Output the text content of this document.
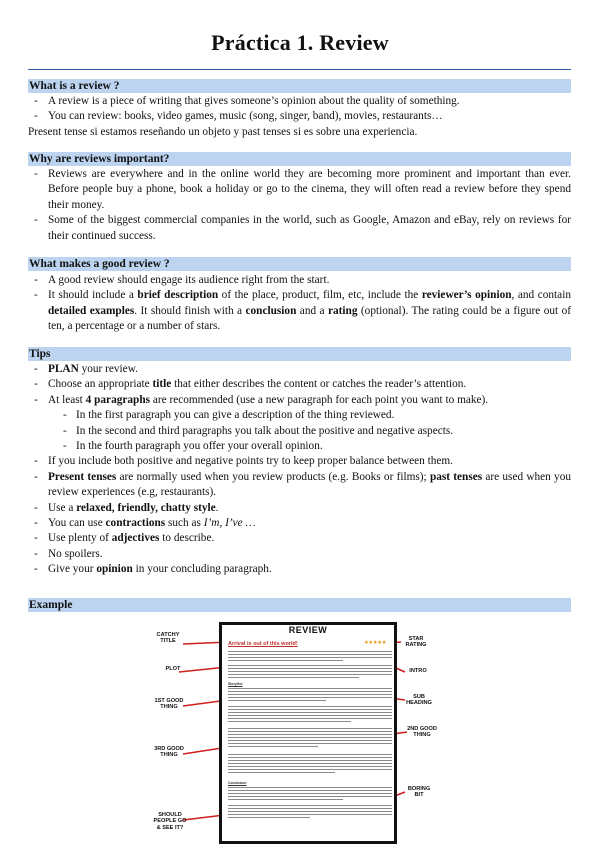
Práctica 1. Review
What is a review ?
- A review is a piece of writing that gives someone’s opinion about the quality of something.
- You can review: books, video games, music (song, singer, band), movies, restaurants…
Present tense si estamos reseñando un objeto y past tenses si es sobre una experiencia.
Why are reviews important?
- Reviews are everywhere and in the online world they are becoming more prominent and important than ever. Before people buy a phone, book a holiday or go to the cinema, they will often read a review before they spend their money.
- Some of the biggest commercial companies in the world, such as Google, Amazon and eBay, rely on reviews for their continued success.
What makes a good review ?
- A good review should engage its audience right from the start.
- It should include a brief description of the place, product, film, etc, include the reviewer’s opinion, and contain detailed examples. It should finish with a conclusion and a rating (optional). The rating could be a figure out of ten, a percentage or a number of stars.
Tips
- PLAN your review.
- Choose an appropriate title that either describes the content or catches the reader’s attention.
- At least 4 paragraphs are recommended (use a new paragraph for each point you want to make).
- In the first paragraph you can give a description of the thing reviewed.
- In the second and third paragraphs you talk about the positive and negative aspects.
- In the fourth paragraph you offer your overall opinion.
- If you include both positive and negative points try to keep proper balance between them.
- Present tenses are normally used when you review products (e.g. Books or films); past tenses are used when you review experiences (e.g, restaurants).
- Use a relaxed, friendly, chatty style.
- You can use contractions such as I’m, I’ve …
- Use plenty of adjectives to describe.
- No spoilers.
- Give your opinion in your concluding paragraph.
Example
REVIEW
Arrival is out of this world!	★★★★★
Storyline
Conclusion
CATCHY
TITLE
PLOT
1ST GOOD
THING
3RD GOOD
THING
SHOULD
PEOPLE GO
& SEE IT?
STAR
RATING
INTRO
SUB
HEADING
2ND GOOD
THING
BORING
BIT
